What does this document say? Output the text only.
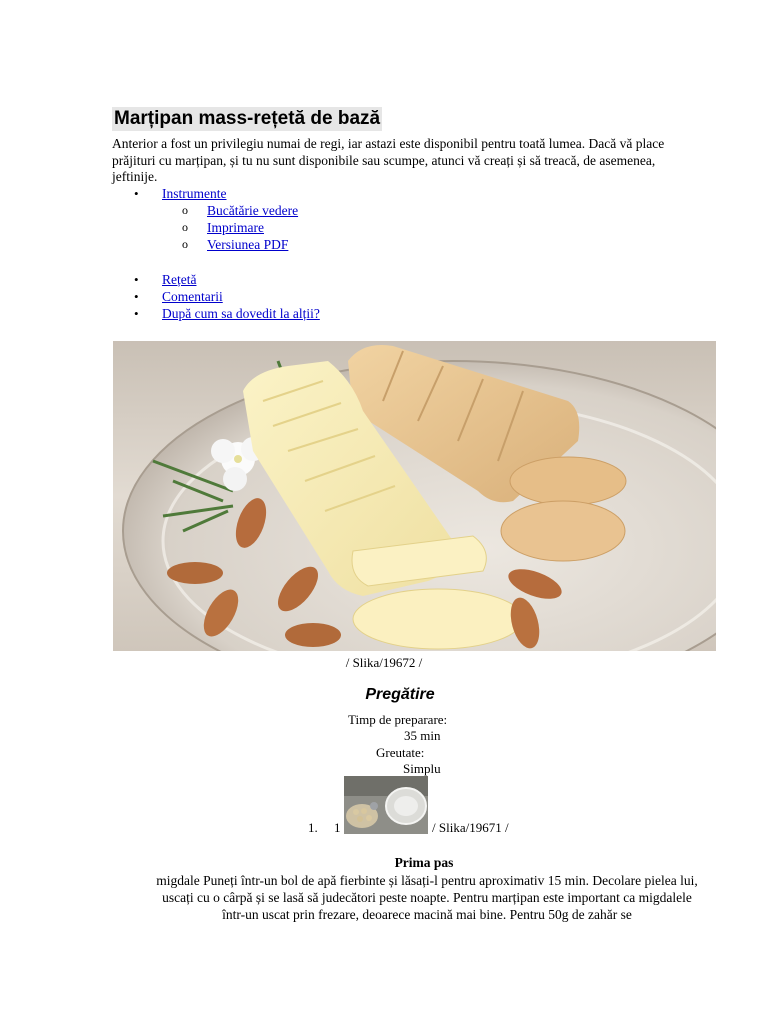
Marțipan mass-rețetă de bază

Anterior a fost un privilegiu numai de regi, iar astazi este disponibil pentru toată lumea. Dacă vă place prăjituri cu marțipan, și tu nu sunt disponibile sau scumpe, atunci vă creați și să treacă, de asemenea, jeftinije.

• Instrumente
o Bucătărie vedere
o Imprimare
o Versiunea PDF
• Rețetă
• Comentarii
• După cum sa dovedit la alții?
/ Slika/19672 /
Pregătire
Timp de preparare:
35 min
Greutate:
Simplu
1. 1	/ Slika/19671 /
Prima pas

migdale Puneți într-un bol de apă fierbinte și lăsați-l pentru aproximativ 15 min. Decolare pielea lui, uscați cu o cârpă și se lasă să judecători peste noapte. Pentru marțipan este important ca migdalele într-un uscat prin frezare, deoarece macină mai bine. Pentru 50g de zahăr se
